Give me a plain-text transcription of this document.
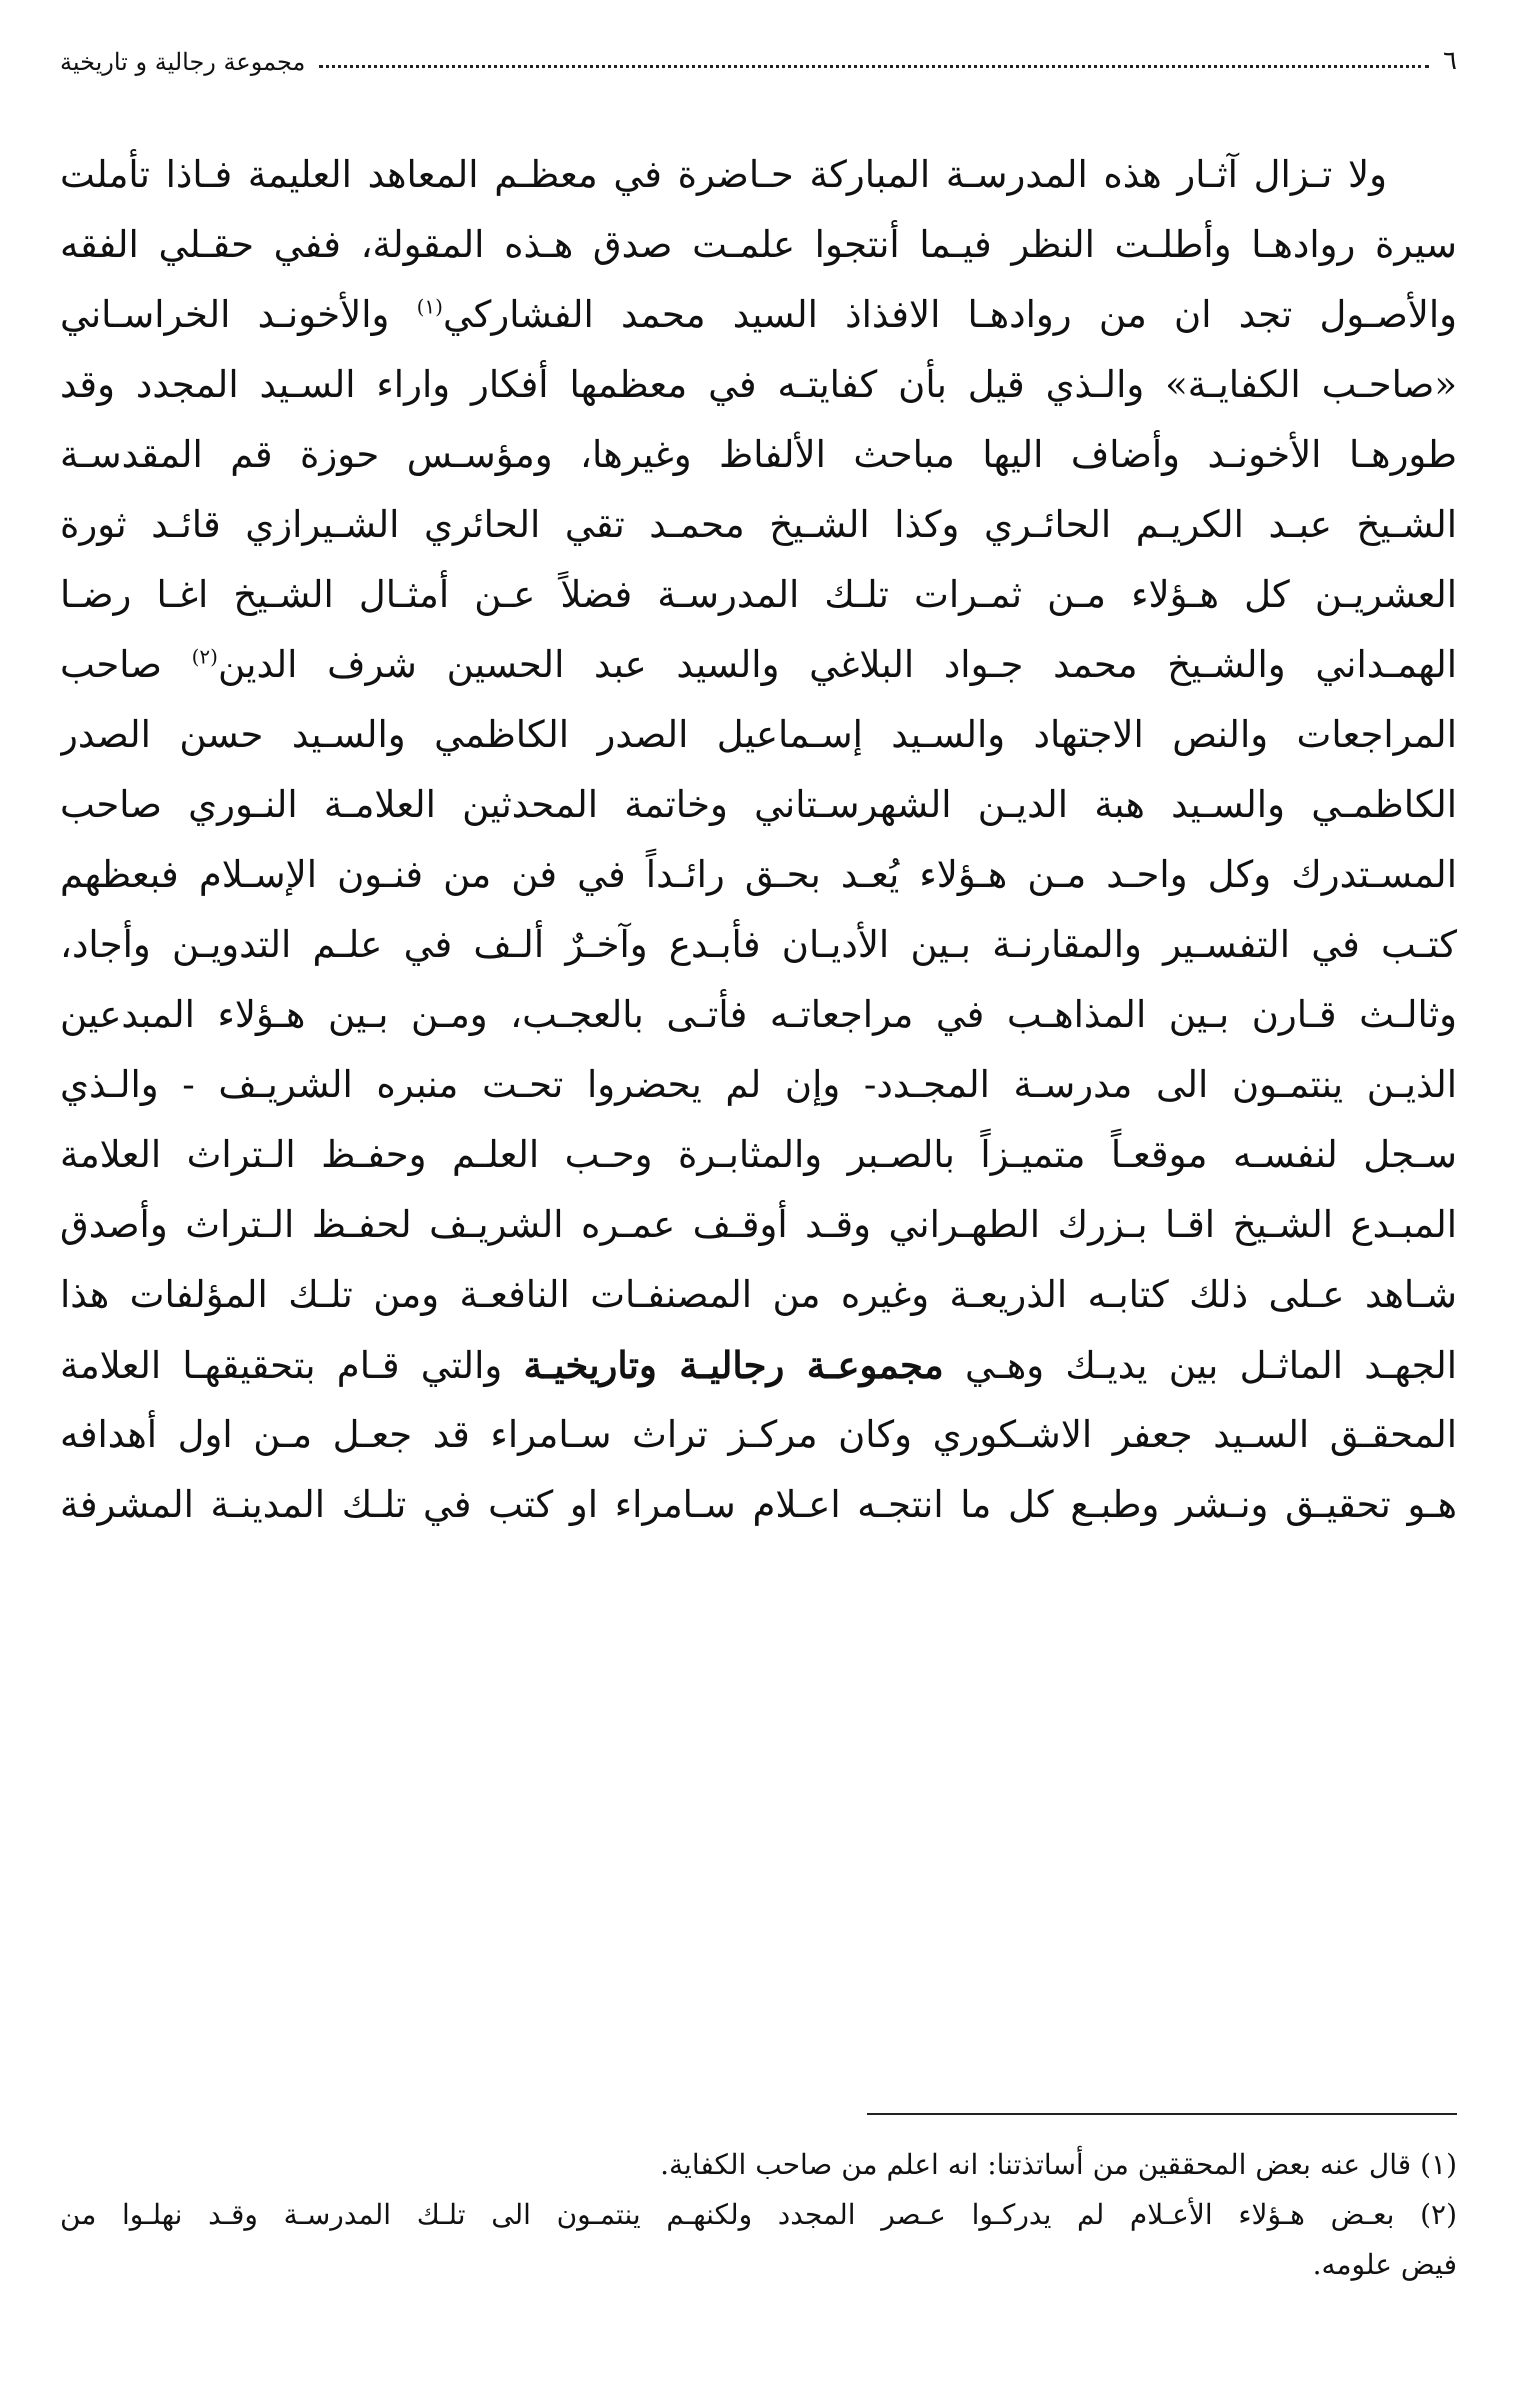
٦
مجموعة رجالية و تاريخية
ولا تـزال آثـار هذه المدرسـة المباركة حـاضرة في معظـم المعاهد العليمة فـاذا تأملت
سيرة روادهـا وأطلـت النظر فيـما أنتجوا علمـت صدق هـذه المقولة، ففي حقـلي الفقه
والأصـول تجد ان من روادهـا الافذاذ السيد محمد الفشاركي$^{(١)}$ والأخونـد الخراسـاني
«صاحـب الكفايـة» والـذي قيل بأن كفايتـه في معظمها أفكار واراء السـيد المجدد وقد
طورهـا الأخونـد وأضاف اليها مباحث الألفاظ وغيرها، ومؤسـس حوزة قم المقدسـة
الشـيخ عبـد الكريـم الحائـري وكذا الشـيخ محمـد تقي الحائري الشـيرازي قائـد ثورة
العشريـن كل هـؤلاء مـن ثمـرات تلـك المدرسـة فضلاً عـن أمثـال الشـيخ اغـا رضـا
الهمـداني والشـيخ محمد جـواد البلاغي والسيد عبد الحسين شرف الدين$^{(٢)}$ صاحب
المراجعات والنص الاجتهاد والسـيد إسـماعيل الصدر الكاظمي والسـيد حسن الصدر
الكاظمـي والسـيد هبة الديـن الشهرسـتاني وخاتمة المحدثين العلامـة النـوري صاحب
المسـتدرك وكل واحـد مـن هـؤلاء يُعـد بحـق رائـداً في فن من فنـون الإسـلام فبعظهم
كتـب في التفسـير والمقارنـة بـين الأديـان فأبـدع وآخـرٌ ألـف في علـم التدويـن وأجاد،
وثالـث قـارن بـين المذاهـب في مراجعاتـه فأتـى بالعجـب، ومـن بـين هـؤلاء المبدعين
الذيـن ينتمـون الى مدرسـة المجـدد- وإن لم يحضروا تحـت منبره الشريـف - والـذي
سـجل لنفسـه موقعـاً متميـزاً بالصـبر والمثابـرة وحـب العلـم وحفـظ الـتراث العلامة
المبـدع الشـيخ اقـا بـزرك الطهـراني وقـد أوقـف عمـره الشريـف لحفـظ الـتراث وأصدق
شـاهد عـلى ذلك كتابـه الذريعـة وغيره من المصنفـات النافعـة ومن تلـك المؤلفات هذا
الجهـد الماثـل بين يديـك وهـي مجموعـة رجاليـة وتاريخيـة والتي قـام بتحقيقهـا العلامة
المحقـق السـيد جعفر الاشـكوري وكان مركـز تراث سـامراء قد جعـل مـن اول أهدافه
هـو تحقيـق ونـشر وطبـع كل ما انتجـه اعـلام سـامراء او كتب في تلـك المدينـة المشرفة
(١) قال عنه بعض المحققين من أساتذتنا: انه اعلم من صاحب الكفاية.
(٢) بعـض هـؤلاء الأعـلام لم يدركـوا عـصر المجدد ولكنهـم ينتمـون الى تلـك المدرسـة وقـد نهلـوا من
فيض علومه.
